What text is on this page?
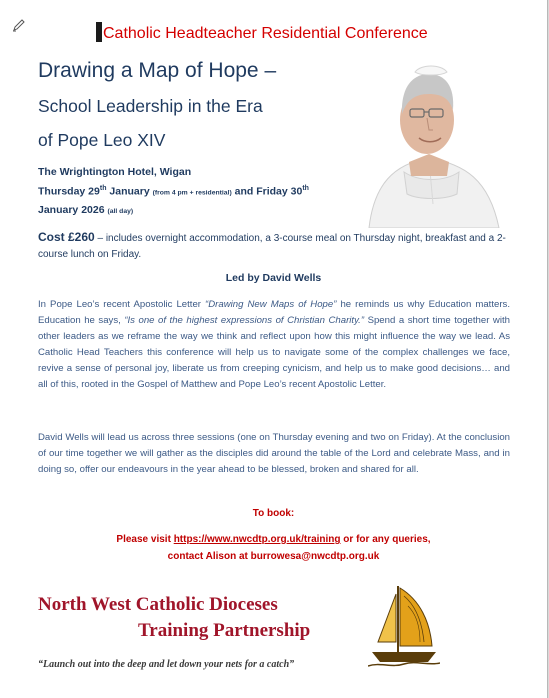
Catholic Headteacher Residential Conference
Drawing a Map of Hope –
School Leadership in the Era
of Pope Leo XIV
The Wrightington Hotel, Wigan
Thursday 29th January (from 4 pm + residential) and Friday 30th
January 2026 (all day)
Cost £260 – includes overnight accommodation, a 3-course meal on Thursday night, breakfast and a 2-course lunch on Friday.
Led by David Wells
In Pope Leo’s recent Apostolic Letter “Drawing New Maps of Hope” he reminds us why Education matters. Education he says, “Is one of the highest expressions of Christian Charity.” Spend a short time together with other leaders as we reframe the way we think and reflect upon how this might influence the way we lead. As Catholic Head Teachers this conference will help us to navigate some of the complex challenges we face, revive a sense of personal joy, liberate us from creeping cynicism, and help us to make good decisions… and all of this, rooted in the Gospel of Matthew and Pope Leo’s recent Apostolic Letter.
David Wells will lead us across three sessions (one on Thursday evening and two on Friday). At the conclusion of our time together we will gather as the disciples did around the table of the Lord and celebrate Mass, and in doing so, offer our endeavours in the year ahead to be blessed, broken and shared for all.
To book:
Please visit https://www.nwcdtp.org.uk/training or for any queries,
contact Alison at burrowesa@nwcdtp.org.uk
North West Catholic Dioceses
Training Partnership
“Launch out into the deep and let down your nets for a catch”
